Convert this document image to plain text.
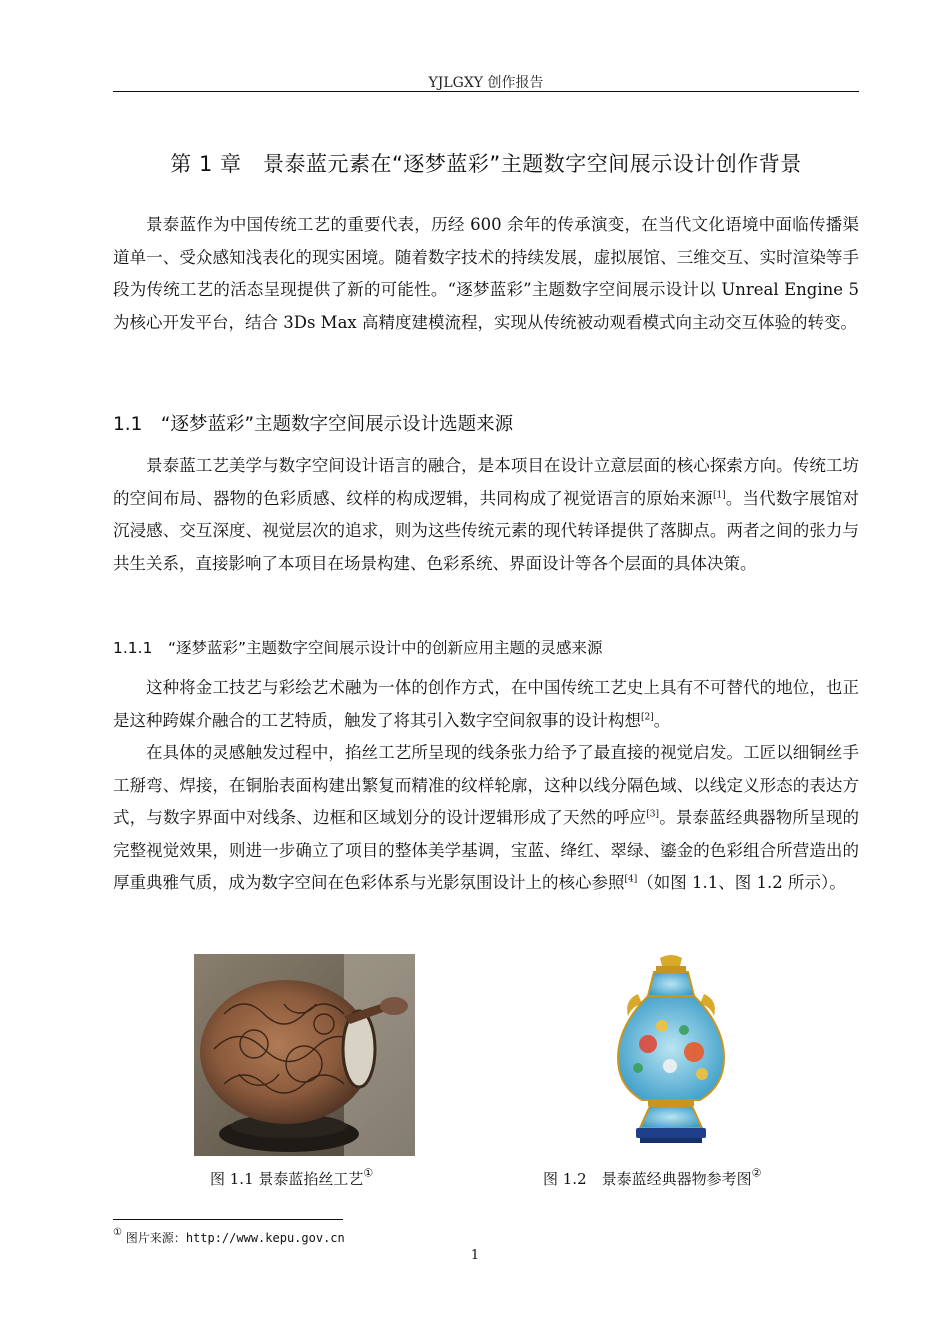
YJLGXY 创作报告
第 1 章　景泰蓝元素在“逐梦蓝彩”主题数字空间展示设计创作背景

景泰蓝作为中国传统工艺的重要代表，历经 600 余年的传承演变，在当代文化语境中面临传播渠道单一、受众感知浅表化的现实困境。随着数字技术的持续发展，虚拟展馆、三维交互、实时渲染等手段为传统工艺的活态呈现提供了新的可能性。“逐梦蓝彩”主题数字空间展示设计以 Unreal Engine 5 为核心开发平台，结合 3Ds Max 高精度建模流程，实现从传统被动观看模式向主动交互体验的转变。

1.1　“逐梦蓝彩”主题数字空间展示设计选题来源

景泰蓝工艺美学与数字空间设计语言的融合，是本项目在设计立意层面的核心探索方向。传统工坊的空间布局、器物的色彩质感、纹样的构成逻辑，共同构成了视觉语言的原始来源[1]。当代数字展馆对沉浸感、交互深度、视觉层次的追求，则为这些传统元素的现代转译提供了落脚点。两者之间的张力与共生关系，直接影响了本项目在场景构建、色彩系统、界面设计等各个层面的具体决策。

1.1.1　“逐梦蓝彩”主题数字空间展示设计中的创新应用主题的灵感来源

这种将金工技艺与彩绘艺术融为一体的创作方式，在中国传统工艺史上具有不可替代的地位，也正是这种跨媒介融合的工艺特质，触发了将其引入数字空间叙事的设计构想[2]。

在具体的灵感触发过程中，掐丝工艺所呈现的线条张力给予了最直接的视觉启发。工匠以细铜丝手工掰弯、焊接，在铜胎表面构建出繁复而精准的纹样轮廓，这种以线分隔色域、以线定义形态的表达方式，与数字界面中对线条、边框和区域划分的设计逻辑形成了天然的呼应[3]。景泰蓝经典器物所呈现的完整视觉效果，则进一步确立了项目的整体美学基调，宝蓝、绛红、翠绿、鎏金的色彩组合所营造出的厚重典雅气质，成为数字空间在色彩体系与光影氛围设计上的核心参照[4]（如图 1.1、图 1.2 所示）。

图 1.1 景泰蓝掐丝工艺①	图 1.2　景泰蓝经典器物参考图②
① 图片来源：http://www.kepu.gov.cn
1
